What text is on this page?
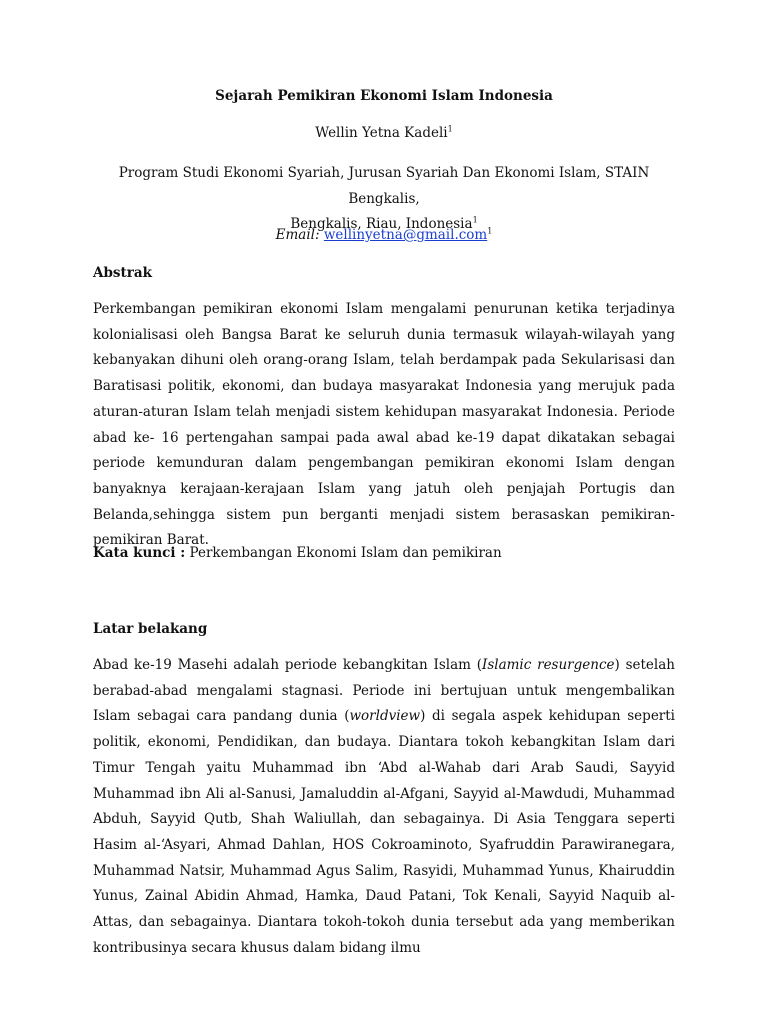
Sejarah Pemikiran Ekonomi Islam Indonesia
Wellin Yetna Kadeli$^1$
Program Studi Ekonomi Syariah, Jurusan Syariah Dan Ekonomi Islam, STAIN Bengkalis,
Bengkalis, Riau, Indonesia$^1$
Email: wellinyetna@gmail.com$^1$
Abstrak
Perkembangan pemikiran ekonomi Islam mengalami penurunan ketika terjadinya kolonialisasi oleh Bangsa Barat ke seluruh dunia termasuk wilayah-wilayah yang kebanyakan dihuni oleh orang-orang Islam, telah berdampak pada Sekularisasi dan Baratisasi politik, ekonomi, dan budaya masyarakat Indonesia yang merujuk pada aturan-aturan Islam telah menjadi sistem kehidupan masyarakat Indonesia. Periode abad ke- 16 pertengahan sampai pada awal abad ke-19 dapat dikatakan sebagai periode kemunduran dalam pengembangan pemikiran ekonomi Islam dengan banyaknya kerajaan-kerajaan Islam yang jatuh oleh penjajah Portugis dan Belanda,sehingga sistem pun berganti menjadi sistem berasaskan pemikiran-pemikiran Barat.
Kata kunci : Perkembangan Ekonomi Islam dan pemikiran
Latar belakang
Abad ke-19 Masehi adalah periode kebangkitan Islam (Islamic resurgence) setelah berabad-abad mengalami stagnasi. Periode ini bertujuan untuk mengembalikan Islam sebagai cara pandang dunia (worldview) di segala aspek kehidupan seperti politik, ekonomi, Pendidikan, dan budaya. Diantara tokoh kebangkitan Islam dari Timur Tengah yaitu Muhammad ibn ‘Abd al-Wahab dari Arab Saudi, Sayyid Muhammad ibn Ali al-Sanusi, Jamaluddin al-Afgani, Sayyid al-Mawdudi, Muhammad Abduh, Sayyid Qutb, Shah Waliullah, dan sebagainya. Di Asia Tenggara seperti Hasim al-‘Asyari, Ahmad Dahlan, HOS Cokroaminoto, Syafruddin Parawiranegara, Muhammad Natsir, Muhammad Agus Salim, Rasyidi, Muhammad Yunus, Khairuddin Yunus, Zainal Abidin Ahmad, Hamka, Daud Patani, Tok Kenali, Sayyid Naquib al-Attas, dan sebagainya. Diantara tokoh-tokoh dunia tersebut ada yang memberikan kontribusinya secara khusus dalam bidang ilmu
